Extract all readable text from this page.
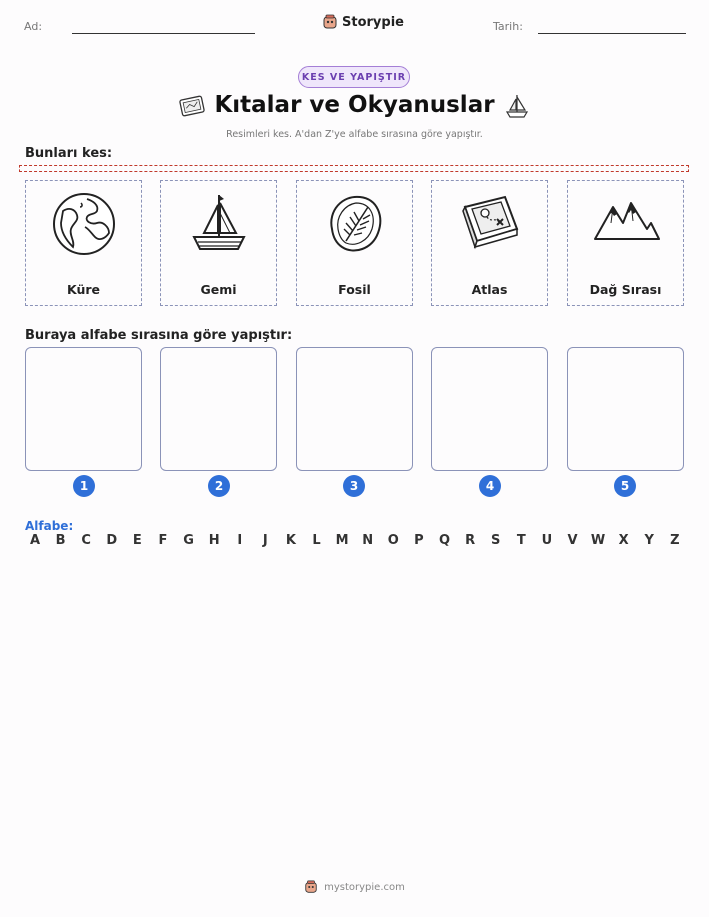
Ad:	Storypie	Tarih:
KES VE YAPIŞTIR
Kıtalar ve Okyanuslar
Resimleri kes. A'dan Z'ye alfabe sırasına göre yapıştır.
Bunları kes:
Küre	Gemi	Fosil	Atlas	Dağ Sırası
Buraya alfabe sırasına göre yapıştır:
1	2	3	4	5
Alfabe:
A	B	C	D	E	F	G	H	I	J	K	L	M	N	O	P	Q	R	S	T	U	V	W	X	Y	Z
mystorypie.com
